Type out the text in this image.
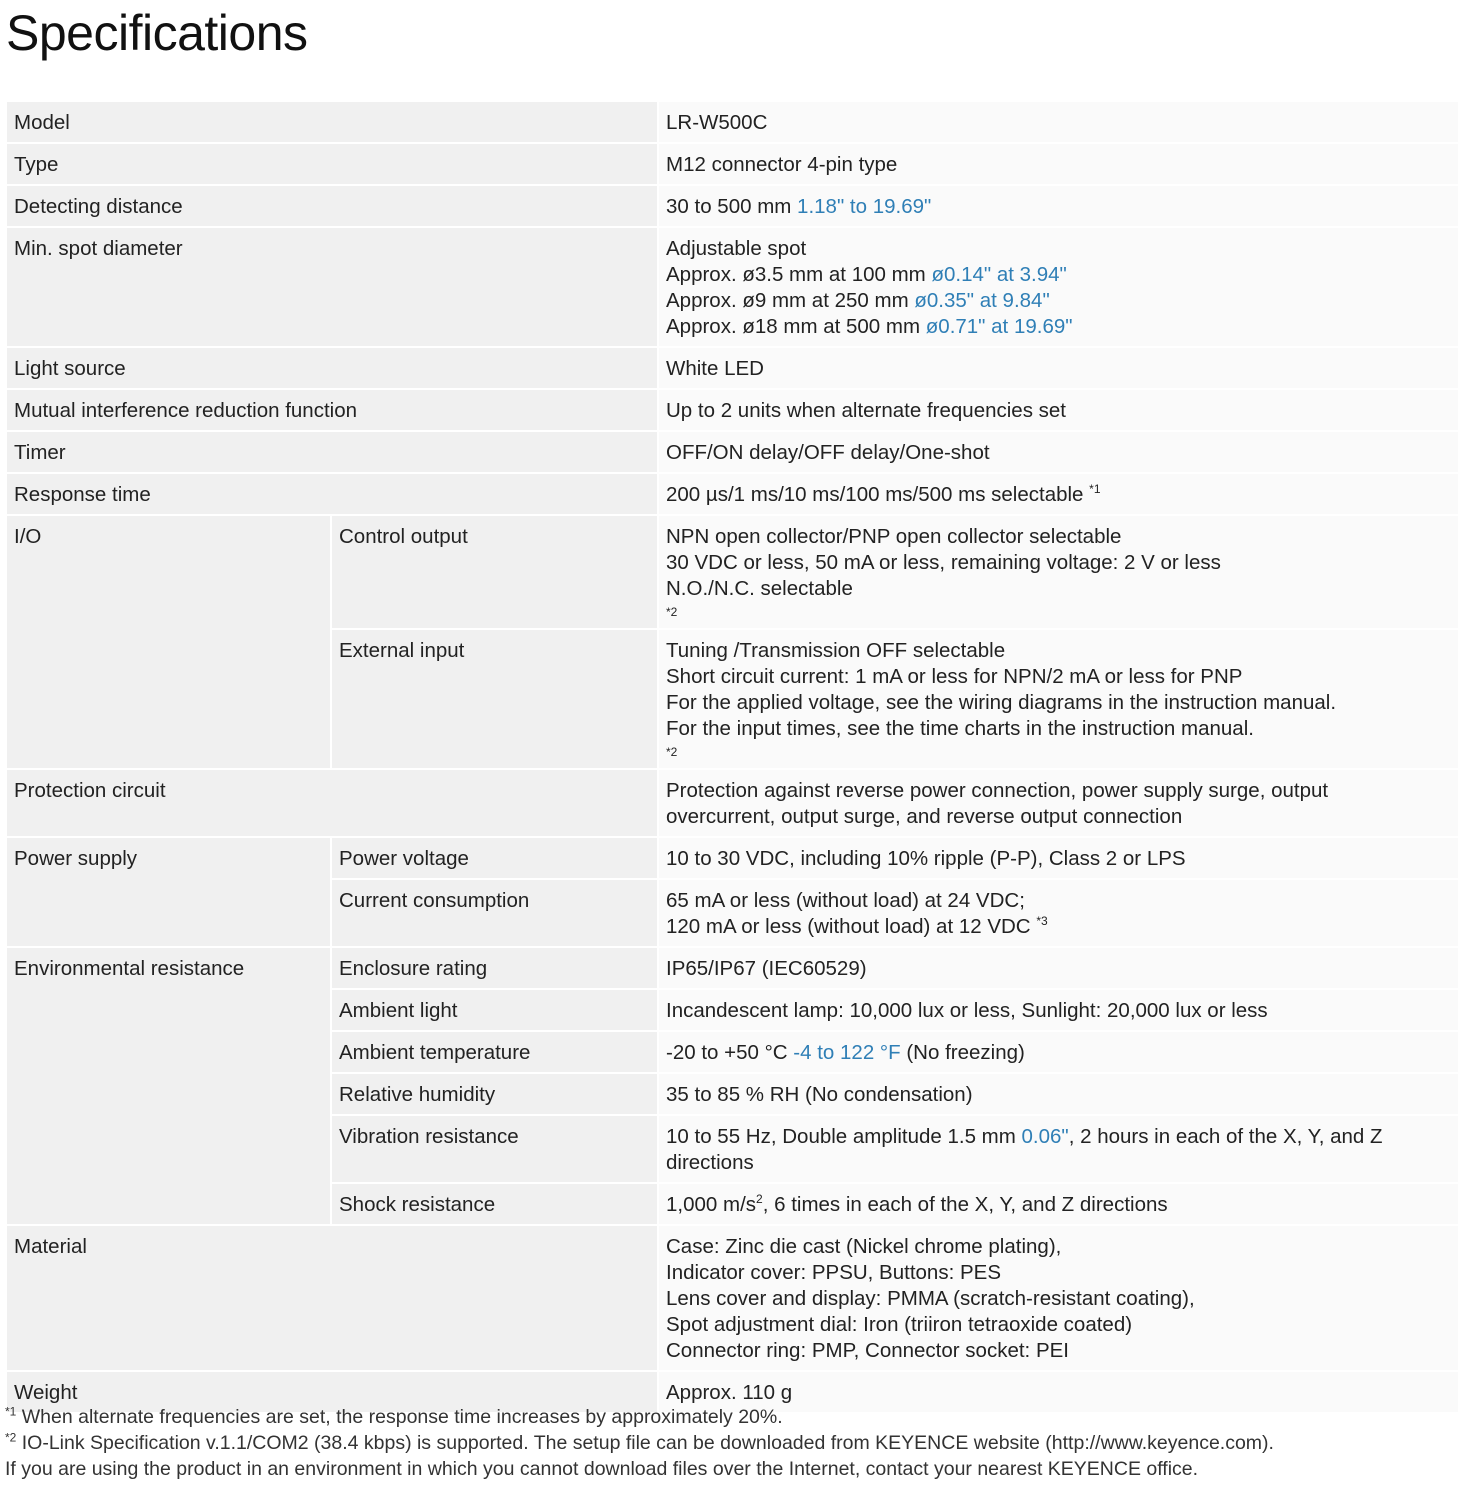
Specifications
Model		LR-W500C
Type		M12 connector 4-pin type
Detecting distance		30 to 500 mm 1.18" to 19.69"
Min. spot diameter		Adjustable spot
Approx. ø3.5 mm at 100 mm ø0.14" at 3.94"
Approx. ø9 mm at 250 mm ø0.35" at 9.84"
Approx. ø18 mm at 500 mm ø0.71" at 19.69"

Light source		White LED
Mutual interference reduction function		Up to 2 units when alternate frequencies set
Timer		OFF/ON delay/OFF delay/One-shot
Response time		200 µs/1 ms/10 ms/100 ms/500 ms selectable $^{*1}$
I/O	Control output	NPN open collector/PNP open collector selectable
30 VDC or less, 50 mA or less, remaining voltage: 2 V or less
N.O./N.C. selectable
*2

	External input	Tuning /Transmission OFF selectable
Short circuit current: 1 mA or less for NPN/2 mA or less for PNP
For the applied voltage, see the wiring diagrams in the instruction manual.
For the input times, see the time charts in the instruction manual.
*2

Protection circuit		Protection against reverse power connection, power supply surge, output
overcurrent, output surge, and reverse output connection

Power supply	Power voltage	10 to 30 VDC, including 10% ripple (P-P), Class 2 or LPS
	Current consumption	65 mA or less (without load) at 24 VDC;
120 mA or less (without load) at 12 VDC $^{*3}$

Environmental resistance	Enclosure rating	IP65/IP67 (IEC60529)
	Ambient light	Incandescent lamp: 10,000 lux or less, Sunlight: 20,000 lux or less
	Ambient temperature	-20 to +50 °C -4 to 122 °F (No freezing)
	Relative humidity	35 to 85 % RH (No condensation)
	Vibration resistance	10 to 55 Hz, Double amplitude 1.5 mm 0.06", 2 hours in each of the X, Y, and Z
directions

	Shock resistance	1,000 $m/s^2$, 6 times in each of the X, Y, and Z directions
Material		Case: Zinc die cast (Nickel chrome plating),
Indicator cover: PPSU, Buttons: PES
Lens cover and display: PMMA (scratch-resistant coating),
Spot adjustment dial: Iron (triiron tetraoxide coated)
Connector ring: PMP, Connector socket: PEI

Weight		Approx. 110 g
$^{*1}$ When alternate frequencies are set, the response time increases by approximately 20%.
$^{*2}$ IO-Link Specification v.1.1/COM2 (38.4 kbps) is supported. The setup file can be downloaded from KEYENCE website (http://www.keyence.com).
If you are using the product in an environment in which you cannot download files over the Internet, contact your nearest KEYENCE office.
